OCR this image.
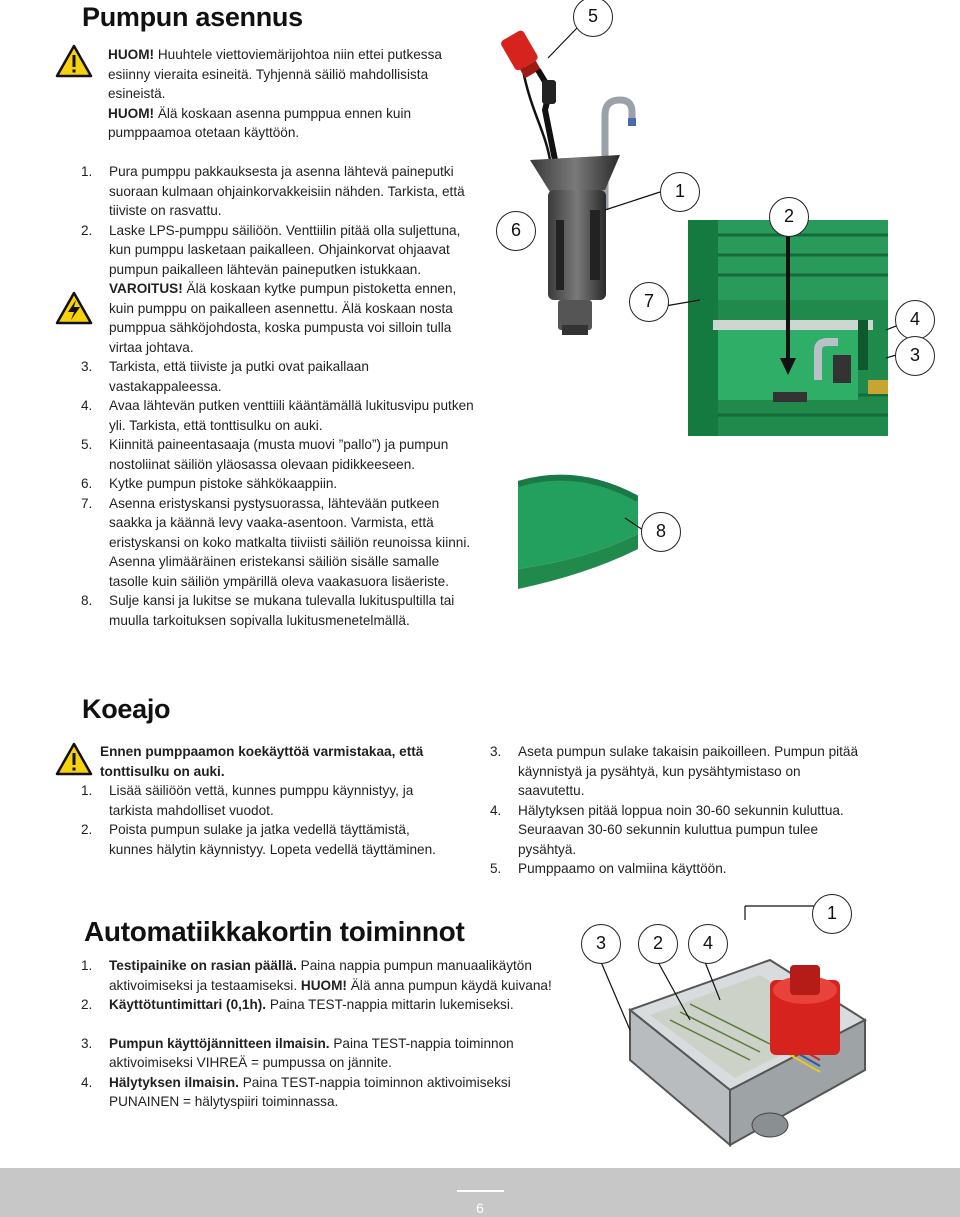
Pumpun asennus

HUOM! Huuhtele viettoviemärijohtoa niin ettei putkessa esiinny vieraita esineitä. Tyhjennä säiliö mahdollisista esineistä.

HUOM! Älä koskaan asenna pumppua ennen kuin pumppaamoa otetaan käyttöön.

1. Pura pumppu pakkauksesta ja asenna lähtevä paineputki suoraan kulmaan ohjainkorvakkeisiin nähden. Tarkista, että tiiviste on rasvattu.
2. Laske LPS-pumppu säiliöön. Venttiilin pitää olla suljettuna, kun pumppu lasketaan paikalleen. Ohjainkorvat ohjaavat pumpun paikalleen lähtevän paineputken istukkaan.
VAROITUS! Älä koskaan kytke pumpun pistoketta ennen, kuin pumppu on paikalleen asennettu. Älä koskaan nosta pumppua sähköjohdosta, koska pumpusta voi silloin tulla virtaa johtava.
3. Tarkista, että tiiviste ja putki ovat paikallaan vastakappaleessa.
4. Avaa lähtevän putken venttiili kääntämällä lukitusvipu putken yli. Tarkista, että tonttisulku on auki.
5. Kiinnitä paineentasaaja (musta muovi ”pallo”) ja pumpun nostoliinat säiliön yläosassa olevaan pidikkeeseen.
6. Kytke pumpun pistoke sähkökaappiin.
7. Asenna eristyskansi pystysuorassa, lähtevään putkeen saakka ja käännä levy vaaka-asentoon. Varmista, että eristyskansi on koko matkalta tiiviisti säiliön reunoissa kiinni. Asenna ylimääräinen eristekansi säiliön sisälle samalle tasolle kuin säiliön ympärillä oleva vaakasuora lisäeriste.
8. Sulje kansi ja lukitse se mukana tulevalla lukituspultilla tai muulla tarkoituksen sopivalla lukitusmenetelmällä.
5
6
1
2
7
4
3
8
Koeajo

Ennen pumppaamon koekäyttöä varmistakaa, että tonttisulku on auki.

1. Lisää säiliöön vettä, kunnes pumppu käynnistyy, ja tarkista mahdolliset vuodot.
2. Poista pumpun sulake ja jatka vedellä täyttämistä, kunnes hälytin käynnistyy. Lopeta vedellä täyttäminen.
3. Aseta pumpun sulake takaisin paikoilleen. Pumpun pitää käynnistyä ja pysähtyä, kun pysähtymistaso on saavutettu.
4. Hälytyksen pitää loppua noin 30-60 sekunnin kuluttua. Seuraavan 30-60 sekunnin kuluttua pumpun tulee pysähtyä.
5. Pumppaamo on valmiina käyttöön.
Automatiikkakortin toiminnot
1. Testipainike on rasian päällä. Paina nappia pumpun manuaalikäytön aktivoimiseksi ja testaamiseksi. HUOM! Älä anna pumpun käydä kuivana!
2. Käyttötuntimittari (0,1h). Paina TEST-nappia mittarin lukemiseksi.
3. Pumpun käyttöjännitteen ilmaisin. Paina TEST-nappia toiminnon aktivoimiseksi VIHREÄ = pumpussa on jännite.
4. Hälytyksen ilmaisin. Paina TEST-nappia toiminnon aktivoimiseksi PUNAINEN = hälytyspiiri toiminnassa.
1
3	2	4
6
